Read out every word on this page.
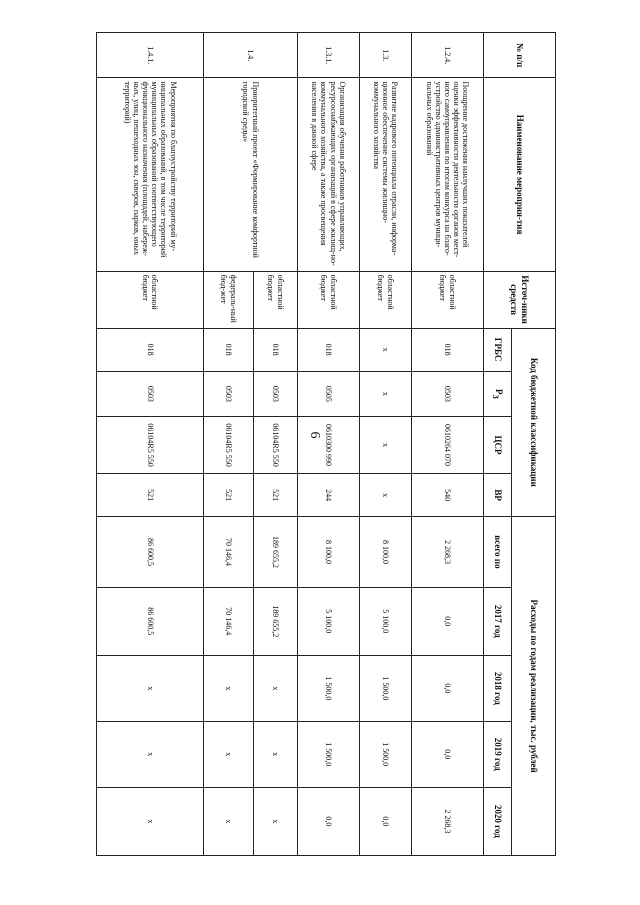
6
№ п/п	Наименование мероприя-тия	Источ-ники средств	Код бюджетной классификации				Расходы по годам реализации, тыс. рублей				
			ГРБС	РЗ	ЦСР	ВР	всего по	2017 год	2018 год	2019 год	2020 год
1.2.4.	Поощрение достижения наилучших показателей оценки эффективности деятельности органов мест-ного самоуправления по итогам конкурса на благо-устройство административных центров муници-пальных образований	областной бюджет	018	0503	0610264 070	540	2 268,3	0,0	0,0	0,0	2 268,3
1.3.	Развитие кадрового потенциала отрасли, информа-ционное обеспечение системы жилищно-коммунального хозяйства	областной бюджет	x	x	x	x	8 100,0	5 100,0	1 500,0	1 500,0	0,0
1.3.1.	Организация обучения работников управляющих, ресурсоснабжающих организаций в сфере жилищ-но-коммунального хозяйства, а также просвещения населения в данной сфере	областной бюджет	018	0505	0610300 990	244	8 100,0	5 100,0	1 500,0	1 500,0	0,0
1.4.	Приоритетный проект «Формирование комфортной городской среды»	областной бюджет	018	0503	06104R5 550	521	189 655,2	189 655,2	x	x	x
		федераль-ный бюд-жет	018	0503	06104R5 550	521	70 146,4	70 146,4	x	x	x
1.4.1.	Мероприятия по благоустройству территорий му-ниципальных образований, в том числе территорий муниципальных образований соответствующего функционального назначения (площадей, набереж-ных, улиц, пешеходных зон, скверов, парков, иных территорий)	областной бюджет	018	0503	06104R5 550	521	86 600,5	86 600,5	x	x	x
